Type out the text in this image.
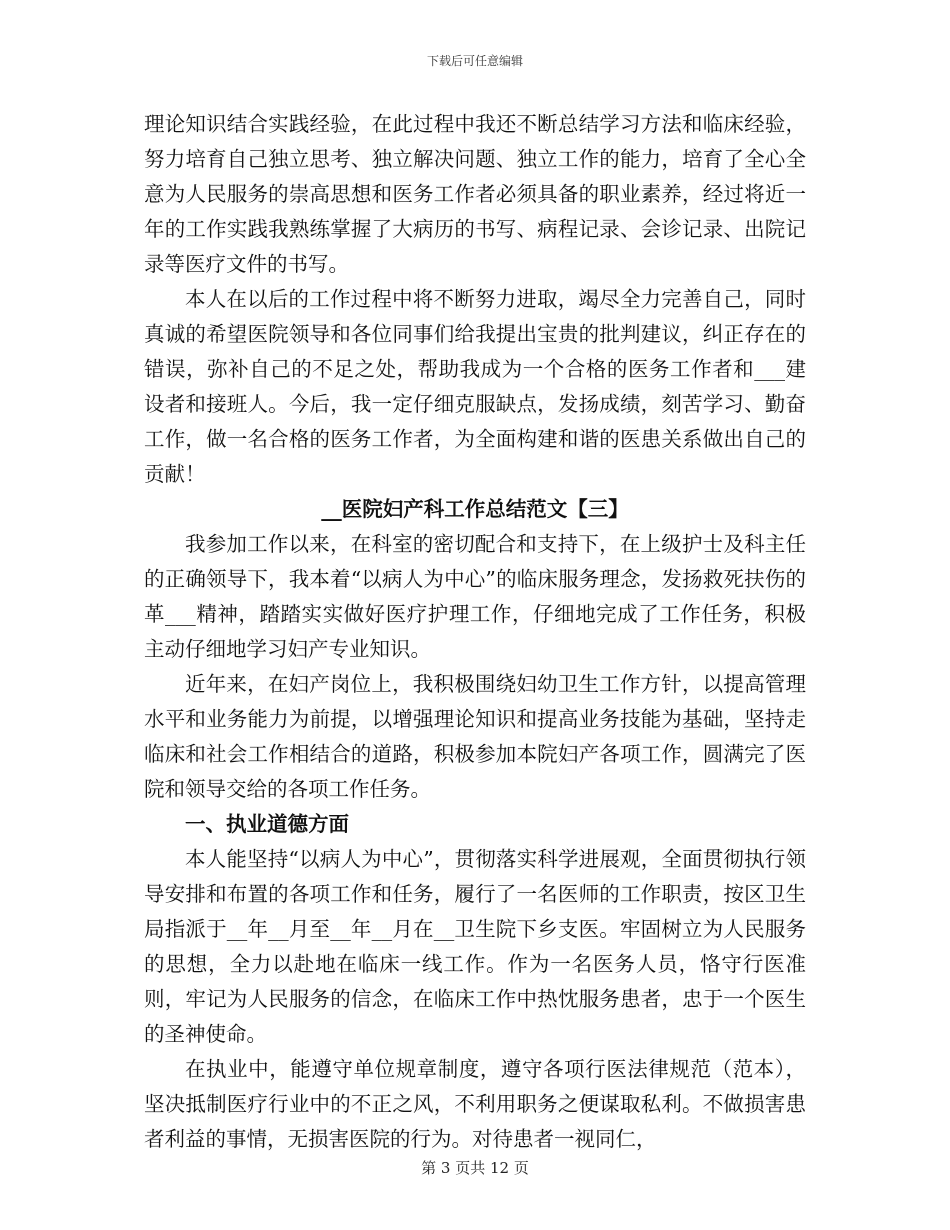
下载后可任意编辑

理论知识结合实践经验，在此过程中我还不断总结学习方法和临床经验，努力培育自己独立思考、独立解决问题、独立工作的能力，培育了全心全意为人民服务的崇高思想和医务工作者必须具备的职业素养，经过将近一年的工作实践我熟练掌握了大病历的书写、病程记录、会诊记录、出院记录等医疗文件的书写。

本人在以后的工作过程中将不断努力进取，竭尽全力完善自己，同时真诚的希望医院领导和各位同事们给我提出宝贵的批判建议，纠正存在的错误，弥补自己的不足之处，帮助我成为一个合格的医务工作者和___建设者和接班人。今后，我一定仔细克服缺点，发扬成绩，刻苦学习、勤奋工作，做一名合格的医务工作者，为全面构建和谐的医患关系做出自己的贡献！

__医院妇产科工作总结范文【三】

我参加工作以来，在科室的密切配合和支持下，在上级护士及科主任的正确领导下，我本着“以病人为中心”的临床服务理念，发扬救死扶伤的革___精神，踏踏实实做好医疗护理工作，仔细地完成了工作任务，积极主动仔细地学习妇产专业知识。

近年来，在妇产岗位上，我积极围绕妇幼卫生工作方针，以提高管理水平和业务能力为前提，以增强理论知识和提高业务技能为基础，坚持走临床和社会工作相结合的道路，积极参加本院妇产各项工作，圆满完了医院和领导交给的各项工作任务。

一、执业道德方面

本人能坚持“以病人为中心”，贯彻落实科学进展观，全面贯彻执行领导安排和布置的各项工作和任务，履行了一名医师的工作职责，按区卫生局指派于__年__月至__年__月在__卫生院下乡支医。牢固树立为人民服务的思想，全力以赴地在临床一线工作。作为一名医务人员，恪守行医准则，牢记为人民服务的信念，在临床工作中热忱服务患者，忠于一个医生的圣神使命。

在执业中，能遵守单位规章制度，遵守各项行医法律规范（范本），坚决抵制医疗行业中的不正之风，不利用职务之便谋取私利。不做损害患者利益的事情，无损害医院的行为。对待患者一视同仁，

第 3 页共 12 页
